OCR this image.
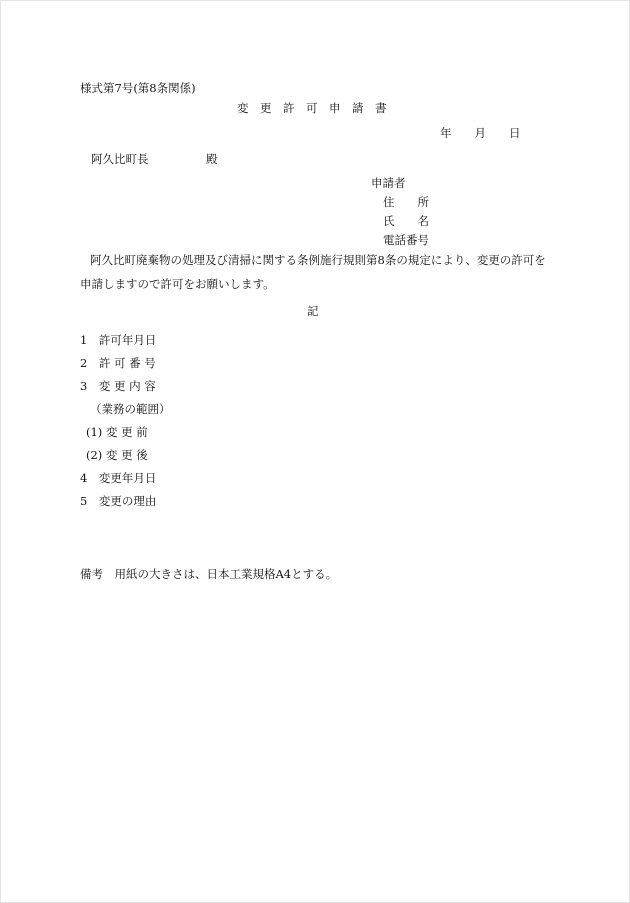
様式第7号(第8条関係)
変　更　許　可　申　請　書
年　　月　　日
阿久比町長　　　　　殿
申請者
住　　所
氏　　名
電話番号
阿久比町廃棄物の処理及び清掃に関する条例施行規則第8条の規定により、変更の許可を
申請しますので許可をお願いします。
記
1　許可年月日
2　許 可 番 号
3　変 更 内 容
（業務の範囲）
(1) 変 更 前
(2) 変 更 後
4　変更年月日
5　変更の理由
備考　用紙の大きさは、日本工業規格A4とする。
